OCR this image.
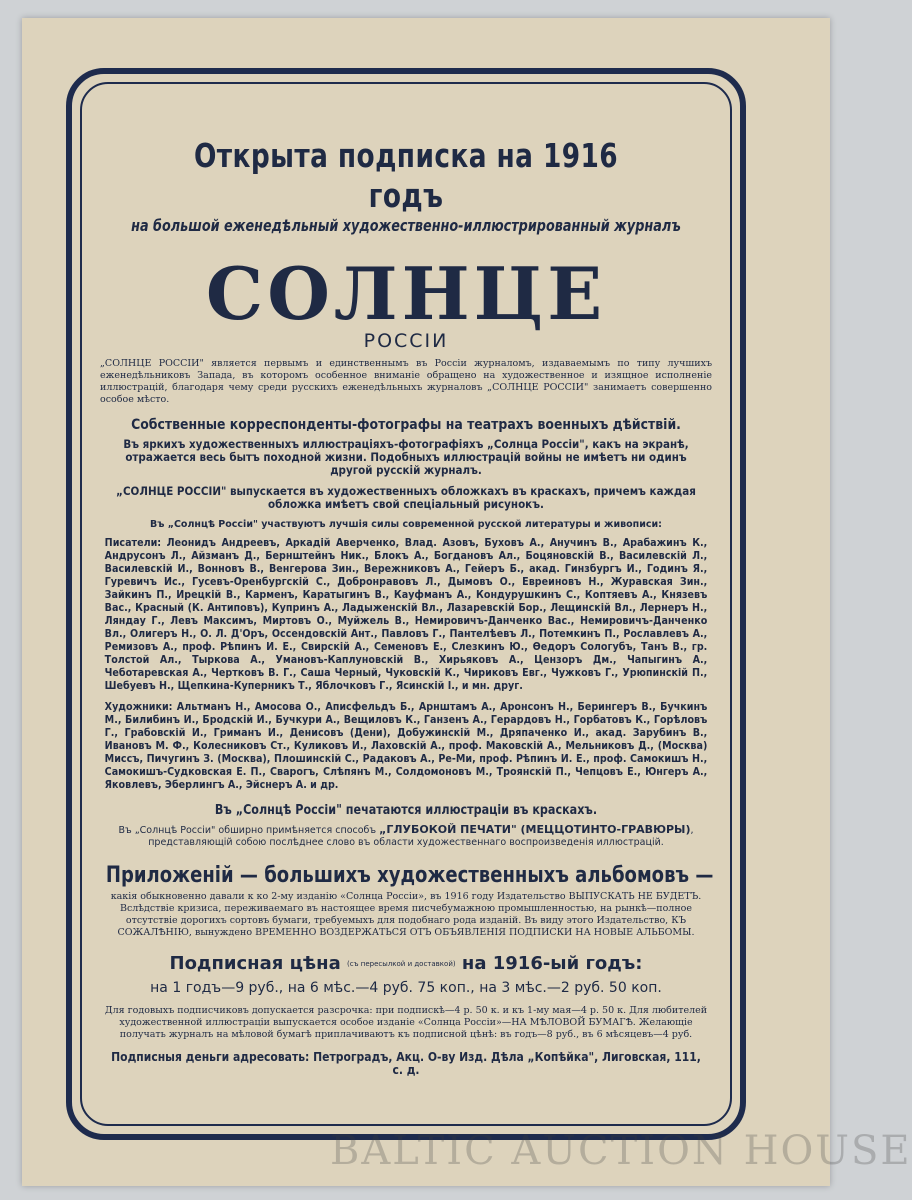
Открыта подписка на 1916 годъ
на большой еженедѣльный художественно-иллюстрированный журналъ
СОЛНЦЕ
РОССIИ
„СОЛНЦЕ РОССIИ" является первымъ и единственнымъ въ Россiи журналомъ, издаваемымъ по типу лучшихъ еженедѣльниковъ Запада, въ которомъ особенное вниманiе обращено на художественное и изящное исполненiе иллюстрацiй, благодаря чему среди русскихъ еженедѣльныхъ журналовъ „СОЛНЦЕ РОССIИ" занимаетъ совершенно особое мѣсто.
Собственные корреспонденты-фотографы на театрахъ военныхъ дѣйствiй.
Въ яркихъ художественныхъ иллюстрацiяхъ-фотографiяхъ „Солнца Россiи", какъ на экранѣ, отражается весь бытъ походной жизни. Подобныхъ иллюстрацiй войны не имѣетъ ни одинъ другой русскiй журналъ.
„СОЛНЦЕ РОССIИ" выпускается въ художественныхъ обложкахъ въ краскахъ, причемъ каждая обложка имѣетъ свой спецiальный рисунокъ.
Въ „Солнцѣ Россiи" участвуютъ лучшiя силы современной русской литературы и живописи:
Писатели: Леонидъ Андреевъ, Аркадiй Аверченко, Влад. Азовъ, Буховъ А., Анучинъ В., Арабажинъ К., Андрусонъ Л., Айзманъ Д., Бернштейнъ Ник., Блокъ А., Богдановъ Ал., Боцяновскiй В., Василевскiй Л., Василевскiй И., Вонновъ В., Венгерова Зин., Вережниковъ А., Гейеръ Б., акад. Гинзбургъ И., Годинъ Я., Гуревичъ Ис., Гусевъ-Оренбургскiй С., Добронравовъ Л., Дымовъ О., Евреиновъ Н., Журавская Зин., Зайкинъ П., Ирецкiй В., Карменъ, Каратыгинъ В., Кауфманъ А., Кондурушкинъ С., Коптяевъ А., Князевъ Вас., Красный (К. Антиповъ), Купринъ А., Ладыженскiй Вл., Лазаревскiй Бор., Лещинскiй Вл., Лернеръ Н., Ляндау Г., Левъ Максимъ, Миртовъ О., Муйжель В., Немировичъ-Данченко Вас., Немировичъ-Данченко Вл., Олигеръ Н., О. Л. Д'Оръ, Оссендовскiй Ант., Павловъ Г., Пантелѣевъ Л., Потемкинъ П., Рославлевъ А., Ремизовъ А., проф. Рѣпинъ И. Е., Свирскiй А., Семеновъ Е., Слезкинъ Ю., Ѳедоръ Сологубъ, Танъ В., гр. Толстой Ал., Тыркова А., Умановъ-Каплуновскiй В., Хирьяковъ А., Цензоръ Дм., Чапыгинъ А., Чеботаревская А., Чертковъ В. Г., Саша Черный, Чуковскiй К., Чириковъ Евг., Чужковъ Г., Урюпинскiй П., Шебуевъ Н., Щепкина-Куперникъ Т., Яблочковъ Г., Ясинскiй I., и мн. друг.
Художники: Альтманъ Н., Амосова О., Аписфельдъ Б., Арнштамъ А., Аронсонъ Н., Берингеръ В., Бучкинъ М., Билибинъ И., Бродскiй И., Бучкури А., Вещиловъ К., Ганзенъ А., Герардовъ Н., Горбатовъ К., Горѣловъ Г., Грабовскiй И., Гриманъ И., Денисовъ (Дени), Добужинскiй М., Дряпаченко И., акад. Зарубинъ В., Ивановъ М. Ф., Колесниковъ Ст., Куликовъ И., Лаховскiй А., проф. Маковскiй А., Мельниковъ Д., (Москва) Миссъ, Пичугинъ З. (Москва), Плошинскiй С., Радаковъ А., Ре-Ми, проф. Рѣпинъ И. Е., проф. Самокишъ Н., Самокишъ-Судковская Е. П., Сварогъ, Слѣпянъ М., Солдомоновъ М., Троянскiй П., Чепцовъ Е., Юнгеръ А., Яковлевъ, Эберлингъ А., Эйснеръ А. и др.
Въ „Солнцѣ Россiи" печатаются иллюстрацiи въ краскахъ.
Въ „Солнцѣ Россiи" обширно примѣняется способъ „ГЛУБОКОЙ ПЕЧАТИ" (МЕЦЦОТИНТО-ГРАВЮРЫ), представляющiй собою послѣднее слово въ области художественнаго воспроизведенiя иллюстрацiй.
Приложенiй — большихъ художественныхъ альбомовъ —
какiя обыкновенно давали к ко 2-му изданiю «Солнца Россiи», въ 1916 году Издательство ВЫПУСКАТЬ НЕ БУДЕТЪ. Вслѣдствiе кризиса, переживаемаго въ настоящее время писчебумажною промышленностью, на рынкѣ—полное отсутствiе дорогихъ сортовъ бумаги, требуемыхъ для подобнаго рода изданiй. Въ виду этого Издательство, КЪ СОЖАЛѢНIЮ, вынуждено ВРЕМЕННО ВОЗДЕРЖАТЬСЯ ОТЪ ОБЪЯВЛЕНIЯ ПОДПИСКИ НА НОВЫЕ АЛЬБОМЫ.
Подписная цѣна (съ пересылкой и доставкой) на 1916-ый годъ:
на 1 годъ—9 руб., на 6 мѣс.—4 руб. 75 коп., на 3 мѣс.—2 руб. 50 коп.
Для годовыхъ подписчиковъ допускается разсрочка: при подпискѣ—4 р. 50 к. и къ 1-му мая—4 р. 50 к. Для любителей художественной иллюстрацiи выпускается особое изданiе «Солнца Россiи»—НА МѢЛОВОЙ БУМАГѢ. Желающiе получать журналъ на мѣловой бумагѣ приплачиваютъ къ подписной цѣнѣ: въ годъ—8 руб., въ 6 мѣсяцевъ—4 руб.
Подписныя деньги адресовать: Петроградъ, Акц. О-ву Изд. Дѣла „Копѣйка", Лиговская, 111, с. д.
BALTIC AUCTION HOUSE
